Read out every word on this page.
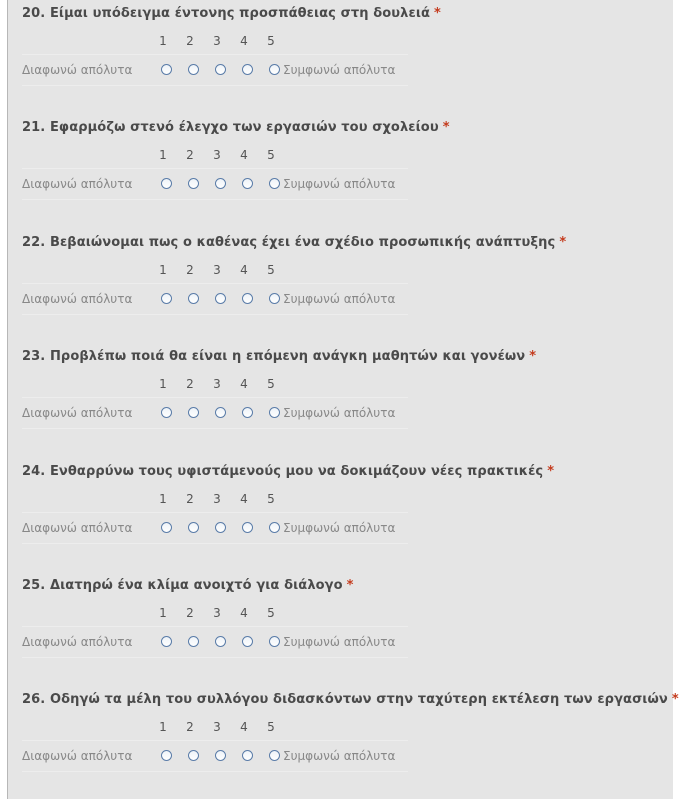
20. Είμαι υπόδειγμα έντονης προσπάθειας στη δουλειά *
1	2	3	4	5
Διαφωνώ απόλυτα	Συμφωνώ απόλυτα
21. Εφαρμόζω στενό έλεγχο των εργασιών του σχολείου *
1	2	3	4	5
Διαφωνώ απόλυτα	Συμφωνώ απόλυτα
22. Βεβαιώνομαι πως ο καθένας έχει ένα σχέδιο προσωπικής ανάπτυξης *
1	2	3	4	5
Διαφωνώ απόλυτα	Συμφωνώ απόλυτα
23. Προβλέπω ποιά θα είναι η επόμενη ανάγκη μαθητών και γονέων *
1	2	3	4	5
Διαφωνώ απόλυτα	Συμφωνώ απόλυτα
24. Ενθαρρύνω τους υφιστάμενούς μου να δοκιμάζουν νέες πρακτικές *
1	2	3	4	5
Διαφωνώ απόλυτα	Συμφωνώ απόλυτα
25. Διατηρώ ένα κλίμα ανοιχτό για διάλογο *
1	2	3	4	5
Διαφωνώ απόλυτα	Συμφωνώ απόλυτα
26. Οδηγώ τα μέλη του συλλόγου διδασκόντων στην ταχύτερη εκτέλεση των εργασιών *
1	2	3	4	5
Διαφωνώ απόλυτα	Συμφωνώ απόλυτα
